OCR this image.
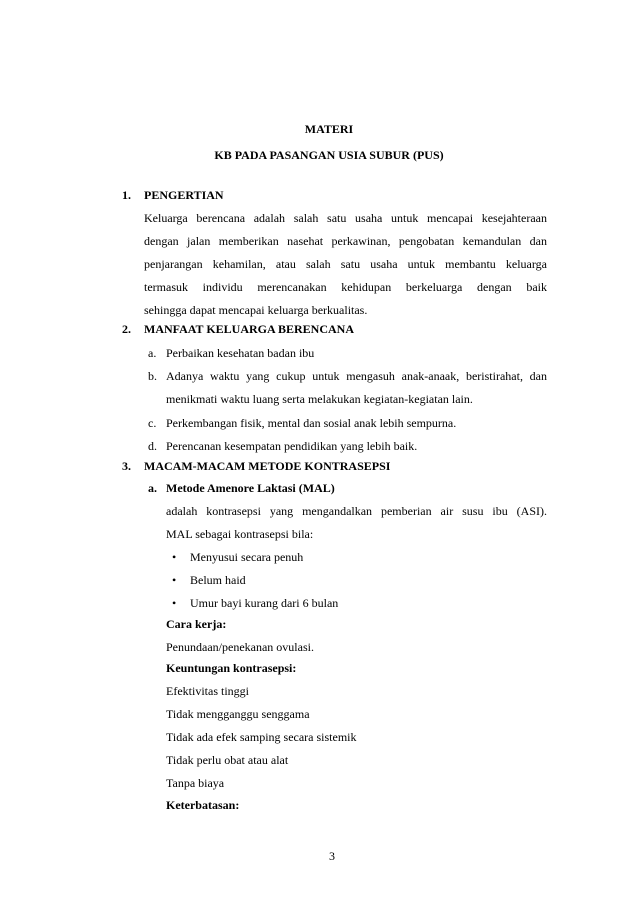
MATERI
KB PADA PASANGAN USIA SUBUR (PUS)
1. PENGERTIAN
Keluarga berencana adalah salah satu usaha untuk mencapai kesejahteraan
dengan jalan memberikan nasehat perkawinan, pengobatan kemandulan dan
penjarangan kehamilan, atau salah satu usaha untuk membantu keluarga
termasuk individu merencanakan kehidupan berkeluarga dengan baik
sehingga dapat mencapai keluarga berkualitas.
2. MANFAAT KELUARGA BERENCANA
a. Perbaikan kesehatan badan ibu
b. Adanya waktu yang cukup untuk mengasuh anak-anaak, beristirahat, dan
menikmati waktu luang serta melakukan kegiatan-kegiatan lain.
c. Perkembangan fisik, mental dan sosial anak lebih sempurna.
d. Perencanan kesempatan pendidikan yang lebih baik.
3. MACAM-MACAM METODE KONTRASEPSI
a. Metode Amenore Laktasi (MAL)
adalah kontrasepsi yang mengandalkan pemberian air susu ibu (ASI).
MAL sebagai kontrasepsi bila:
• Menyusui secara penuh
• Belum haid
• Umur bayi kurang dari 6 bulan
Cara kerja:
Penundaan/penekanan ovulasi.
Keuntungan kontrasepsi:
Efektivitas tinggi
Tidak mengganggu senggama
Tidak ada efek samping secara sistemik
Tidak perlu obat atau alat
Tanpa biaya
Keterbatasan:
3
